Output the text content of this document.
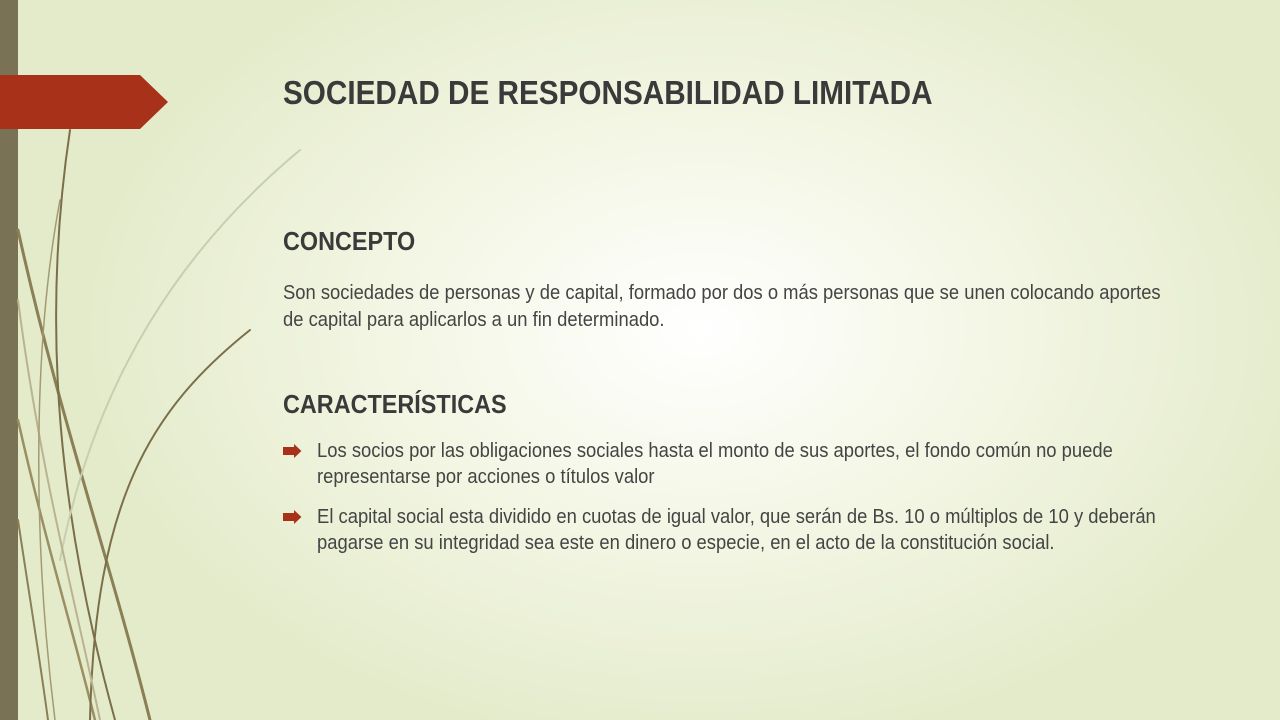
SOCIEDAD DE RESPONSABILIDAD LIMITADA
CONCEPTO

Son sociedades de personas y de capital, formado por dos o más personas que se unen colocando aportes de capital para aplicarlos a un fin determinado.

CARACTERÍSTICAS
Los socios por las obligaciones sociales hasta el monto de sus aportes, el fondo común no puede representarse por acciones o títulos valor
El capital social esta dividido en cuotas de igual valor, que serán de Bs. 10 o múltiplos de 10 y deberán pagarse en su integridad sea este en dinero o especie, en el acto de la constitución social.
